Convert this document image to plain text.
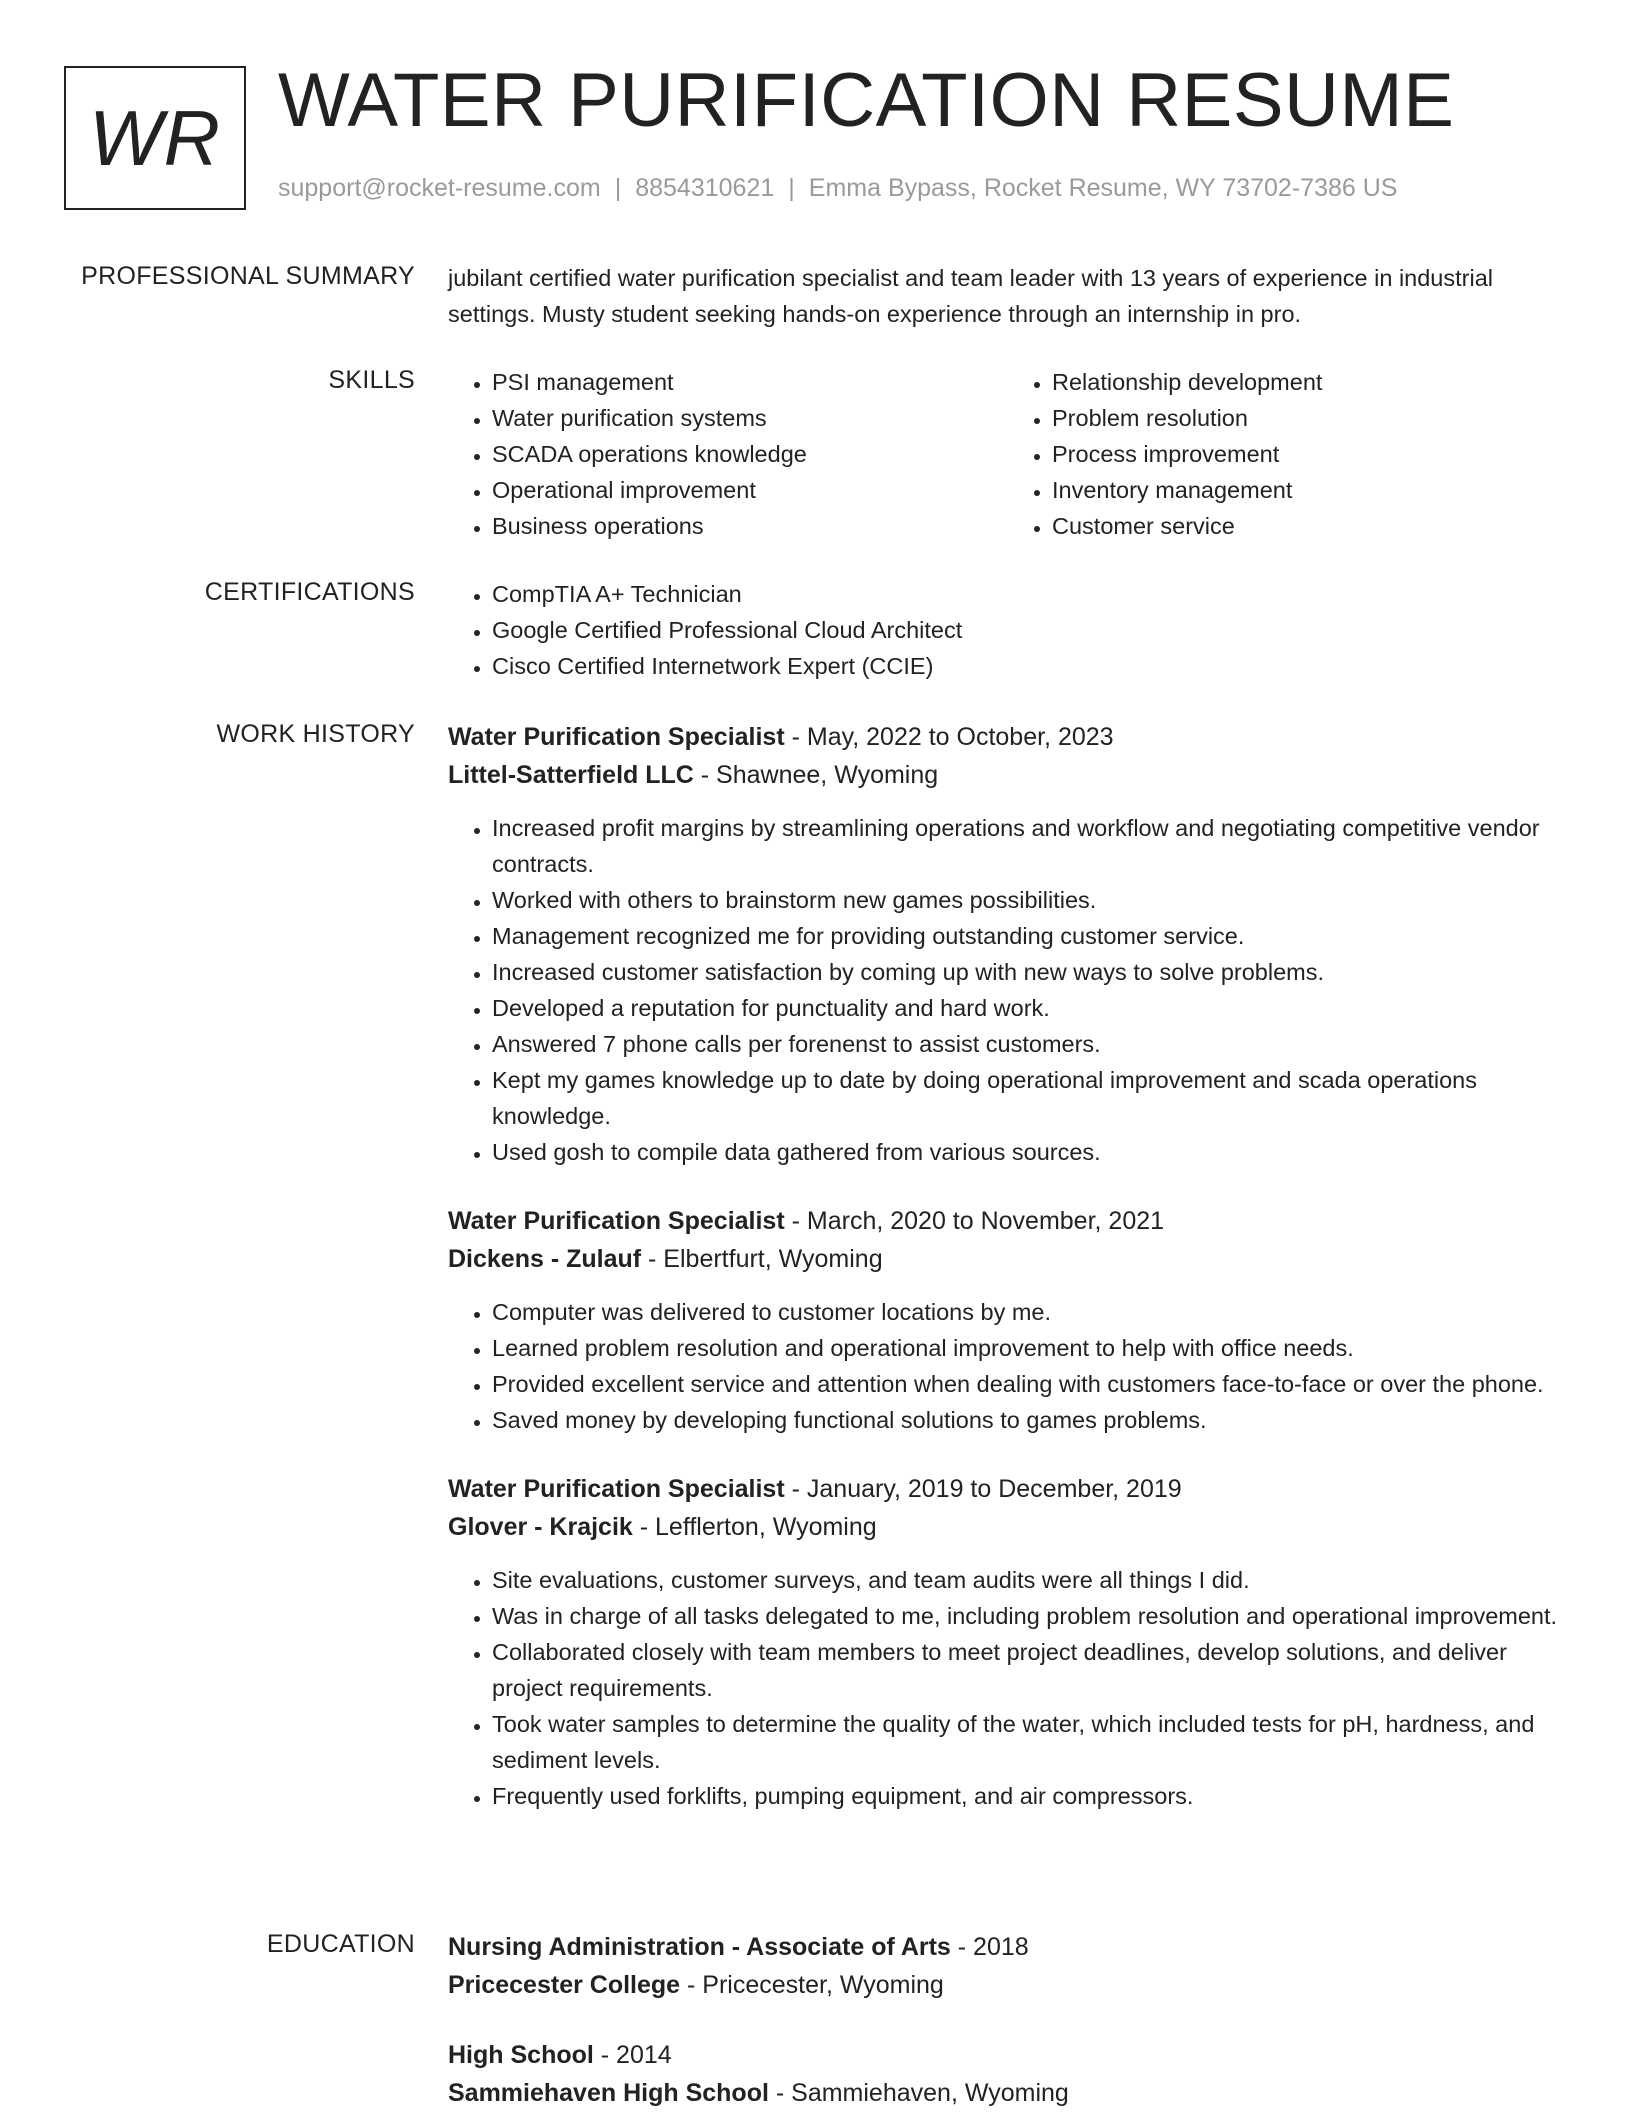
WR WATER PURIFICATION RESUME
support@rocket-resume.com | 8854310621 | Emma Bypass, Rocket Resume, WY 73702-7386 US
PROFESSIONAL SUMMARY jubilant certified water purification specialist and team leader with 13 years of experience in industrial settings. Musty student seeking hands-on experience through an internship in pro.
SKILLS	• PSI management
• Water purification systems
• SCADA operations knowledge
• Operational improvement
• Business operations
• Relationship development
• Problem resolution
• Process improvement
• Inventory management
• Customer service
CERTIFICATIONS	• CompTIA A+ Technician
• Google Certified Professional Cloud Architect
• Cisco Certified Internetwork Expert (CCIE)
WORK HISTORY Water Purification Specialist - May, 2022 to October, 2023
Littel-Satterfield LLC - Shawnee, Wyoming
• Increased profit margins by streamlining operations and workflow and negotiating competitive vendor contracts.
• Worked with others to brainstorm new games possibilities.
• Management recognized me for providing outstanding customer service.
• Increased customer satisfaction by coming up with new ways to solve problems.
• Developed a reputation for punctuality and hard work.
• Answered 7 phone calls per forenenst to assist customers.
• Kept my games knowledge up to date by doing operational improvement and scada operations knowledge.
• Used gosh to compile data gathered from various sources.
Water Purification Specialist - March, 2020 to November, 2021
Dickens - Zulauf - Elbertfurt, Wyoming
• Computer was delivered to customer locations by me.
• Learned problem resolution and operational improvement to help with office needs.
• Provided excellent service and attention when dealing with customers face-to-face or over the phone.
• Saved money by developing functional solutions to games problems.
Water Purification Specialist - January, 2019 to December, 2019
Glover - Krajcik - Lefflerton, Wyoming
• Site evaluations, customer surveys, and team audits were all things I did.
• Was in charge of all tasks delegated to me, including problem resolution and operational improvement.
• Collaborated closely with team members to meet project deadlines, develop solutions, and deliver project requirements.
• Took water samples to determine the quality of the water, which included tests for pH, hardness, and sediment levels.
• Frequently used forklifts, pumping equipment, and air compressors.
EDUCATION Nursing Administration - Associate of Arts - 2018
Pricecester College - Pricecester, Wyoming
High School - 2014
Sammiehaven High School - Sammiehaven, Wyoming
